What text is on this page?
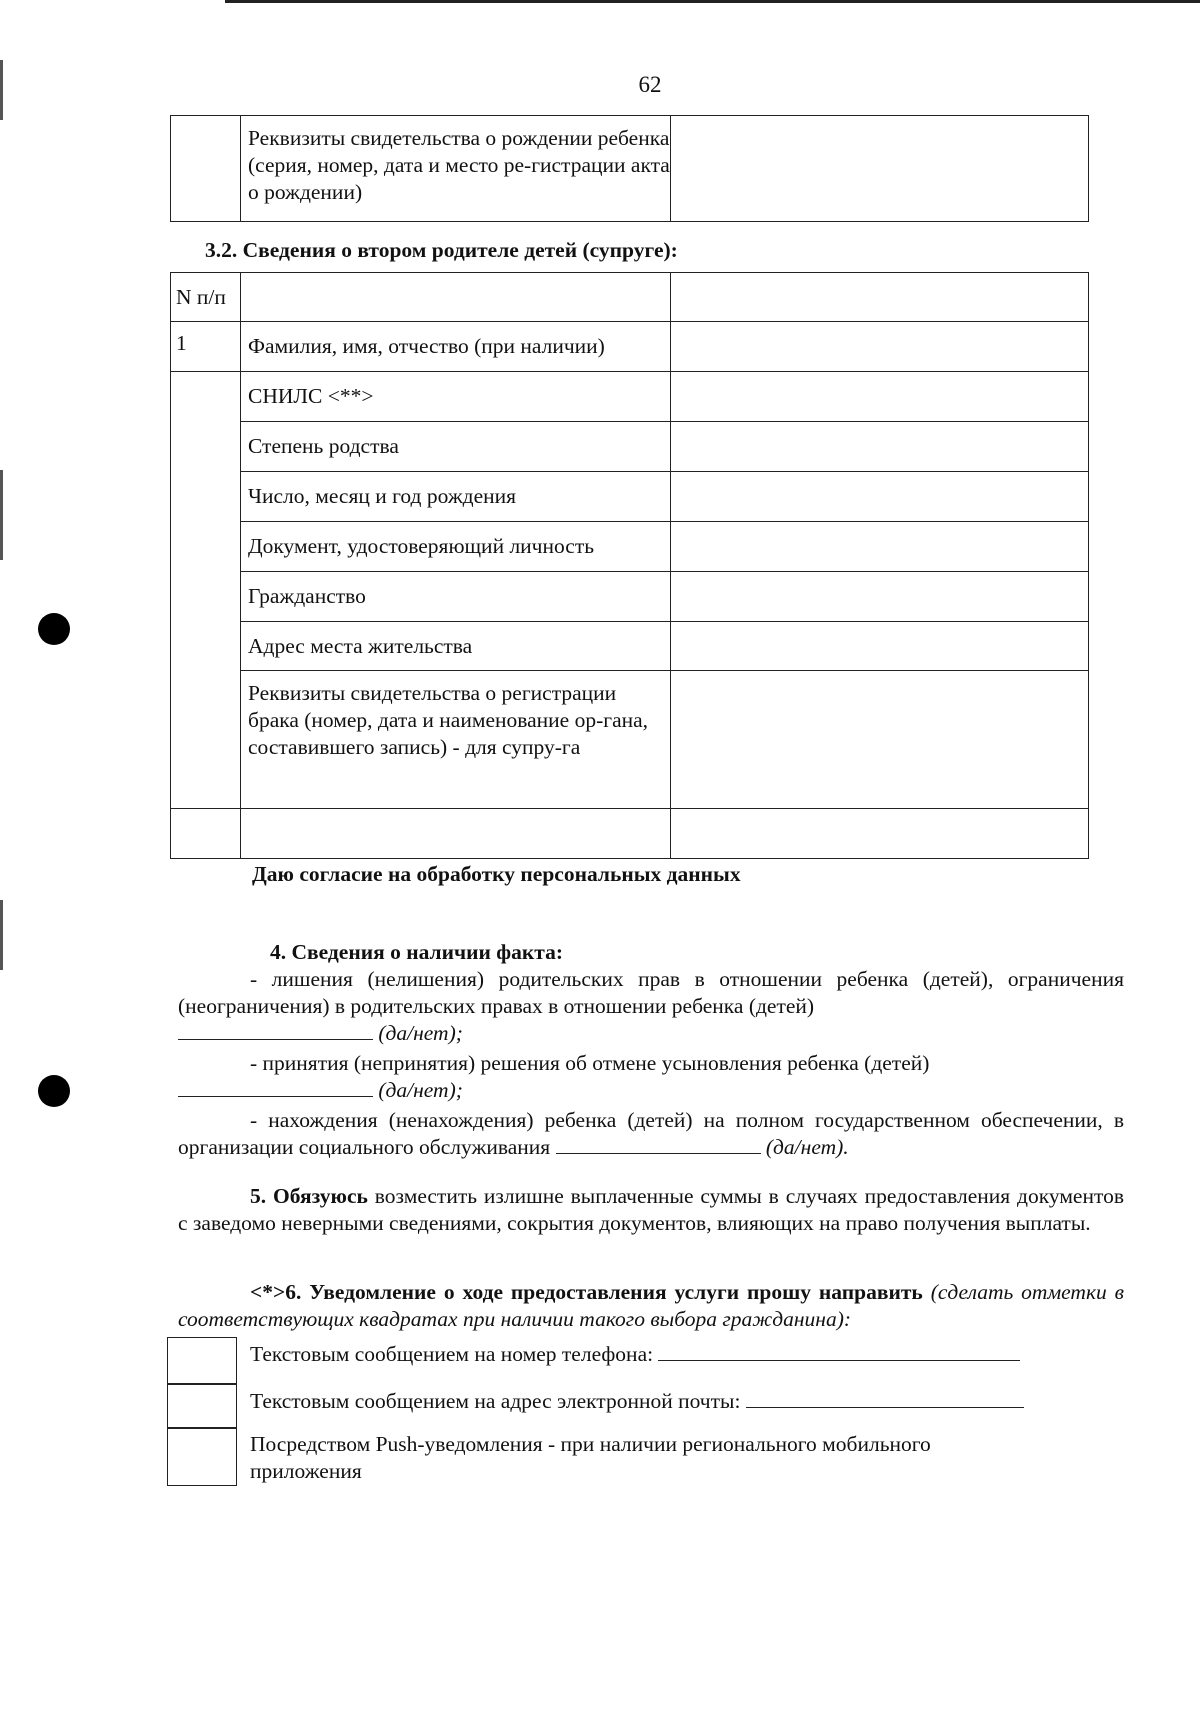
62
	Реквизиты свидетельства о рождении ребенка (серия, номер, дата и место ре-гистрации акта о рождении)	
3.2. Сведения о втором родителе детей (супруге):
N п/п		
1	Фамилия, имя, отчество (при наличии)	
	СНИЛС <**>	
	Степень родства	
	Число, месяц и год рождения	
	Документ, удостоверяющий личность	
	Гражданство	
	Адрес места жительства	
	Реквизиты свидетельства о регистрации брака (номер, дата и наименование ор-гана, составившего запись) - для супру-га	

Даю согласие на обработку персональных данных
4. Сведения о наличии факта:
- лишения (нелишения) родительских прав в отношении ребенка (детей), ограничения (неограничения) в родительских правах в отношении ребенка (детей)
(да/нет);
- принятия (непринятия) решения об отмене усыновления ребенка (детей)
(да/нет);
- нахождения (ненахождения) ребенка (детей) на полном государственном обеспечении, в организации социального обслуживания	(да/нет).
5. Обязуюсь возместить излишне выплаченные суммы в случаях предоставления документов с заведомо неверными сведениями, сокрытия документов, влияющих на право получения выплаты.
<*>6. Уведомление о ходе предоставления услуги прошу направить (сделать отметки в соответствующих квадратах при наличии такого выбора гражданина):
Текстовым сообщением на номер телефона:
Текстовым сообщением на адрес электронной почты:
Посредством Push-уведомления - при наличии регионального мобильного приложения
